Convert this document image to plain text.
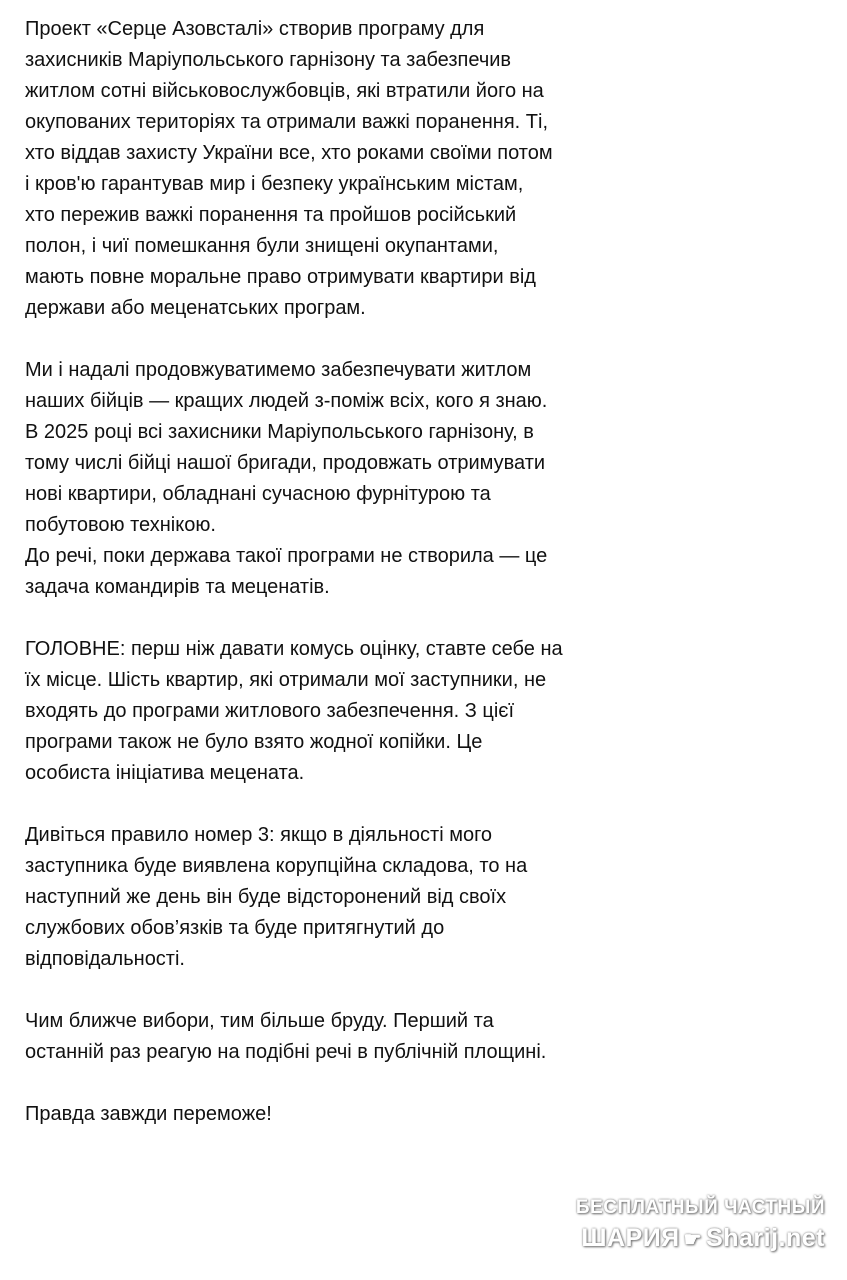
Проект «Серце Азовсталі» створив програму для
захисників Маріупольського гарнізону та забезпечив
житлом сотні військовослужбовців, які втратили його на
окупованих територіях та отримали важкі поранення. Ті,
хто віддав захисту України все, хто роками своїми потом
і кров'ю гарантував мир і безпеку українським містам,
хто пережив важкі поранення та пройшов російський
полон, і чиї помешкання були знищені окупантами,
мають повне моральне право отримувати квартири від
держави або меценатських програм.
Ми і надалі продовжуватимемо забезпечувати житлом
наших бійців — кращих людей з-поміж всіх, кого я знаю.
В 2025 році всі захисники Маріупольського гарнізону, в
тому числі бійці нашої бригади, продовжать отримувати
нові квартири, обладнані сучасною фурнітурою та
побутовою технікою.
До речі, поки держава такої програми не створила — це
задача командирів та меценатів.
ГОЛОВНЕ: перш ніж давати комусь оцінку, ставте себе на
їх місце. Шість квартир, які отримали мої заступники, не
входять до програми житлового забезпечення. З цієї
програми також не було взято жодної копійки. Це
особиста ініціатива мецената.
Дивіться правило номер 3: якщо в діяльності мого
заступника буде виявлена корупційна складова, то на
наступний же день він буде відсторонений від своїх
службових обов’язків та буде притягнутий до
відповідальності.
Чим ближче вибори, тим більше бруду. Перший та
останній раз реагую на подібні речі в публічній площині.
Правда завжди переможе!
БЕСПЛАТНЫЙ ЧАСТНЫЙ
ШАРИЯ ☛ Sharij.net
